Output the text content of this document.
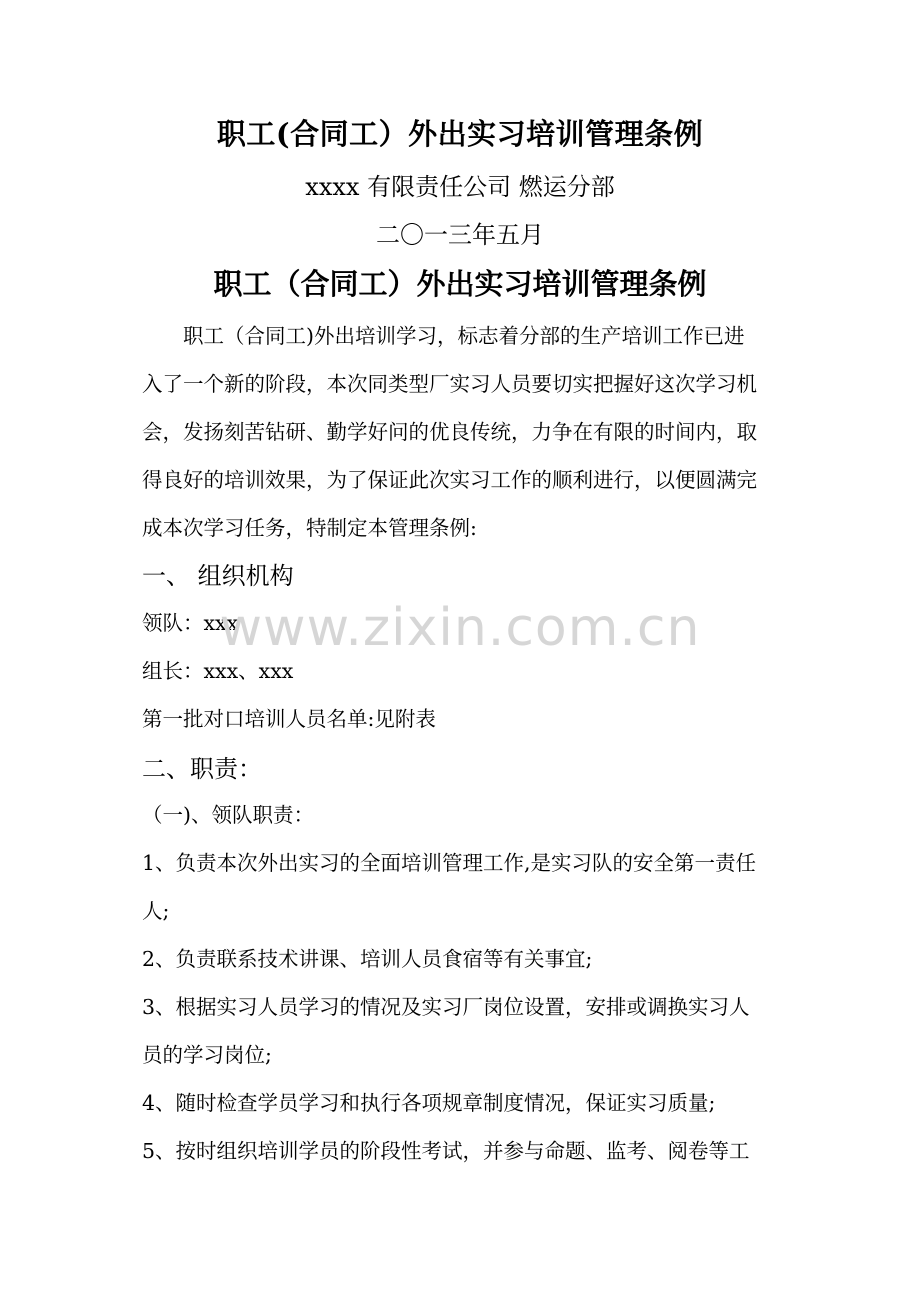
职工(合同工）外出实习培训管理条例
xxxx 有限责任公司 燃运分部
二〇一三年五月
职工（合同工）外出实习培训管理条例
职工（合同工)外出培训学习，标志着分部的生产培训工作已进
入了一个新的阶段，本次同类型厂实习人员要切实把握好这次学习机
会，发扬刻苦钻研、勤学好问的优良传统，力争在有限的时间内，取
得良好的培训效果，为了保证此次实习工作的顺利进行，以便圆满完
成本次学习任务，特制定本管理条例:
一、 组织机构
领队：xxx
组长：xxx、xxx
第一批对口培训人员名单:见附表
二、职责：
（一)、领队职责：
1、负责本次外出实习的全面培训管理工作,是实习队的安全第一责任
人;
2、负责联系技术讲课、培训人员食宿等有关事宜;
3、根据实习人员学习的情况及实习厂岗位设置，安排或调换实习人
员的学习岗位;
4、随时检查学员学习和执行各项规章制度情况，保证实习质量;
5、按时组织培训学员的阶段性考试，并参与命题、监考、阅卷等工
www.zixin.com.cn
